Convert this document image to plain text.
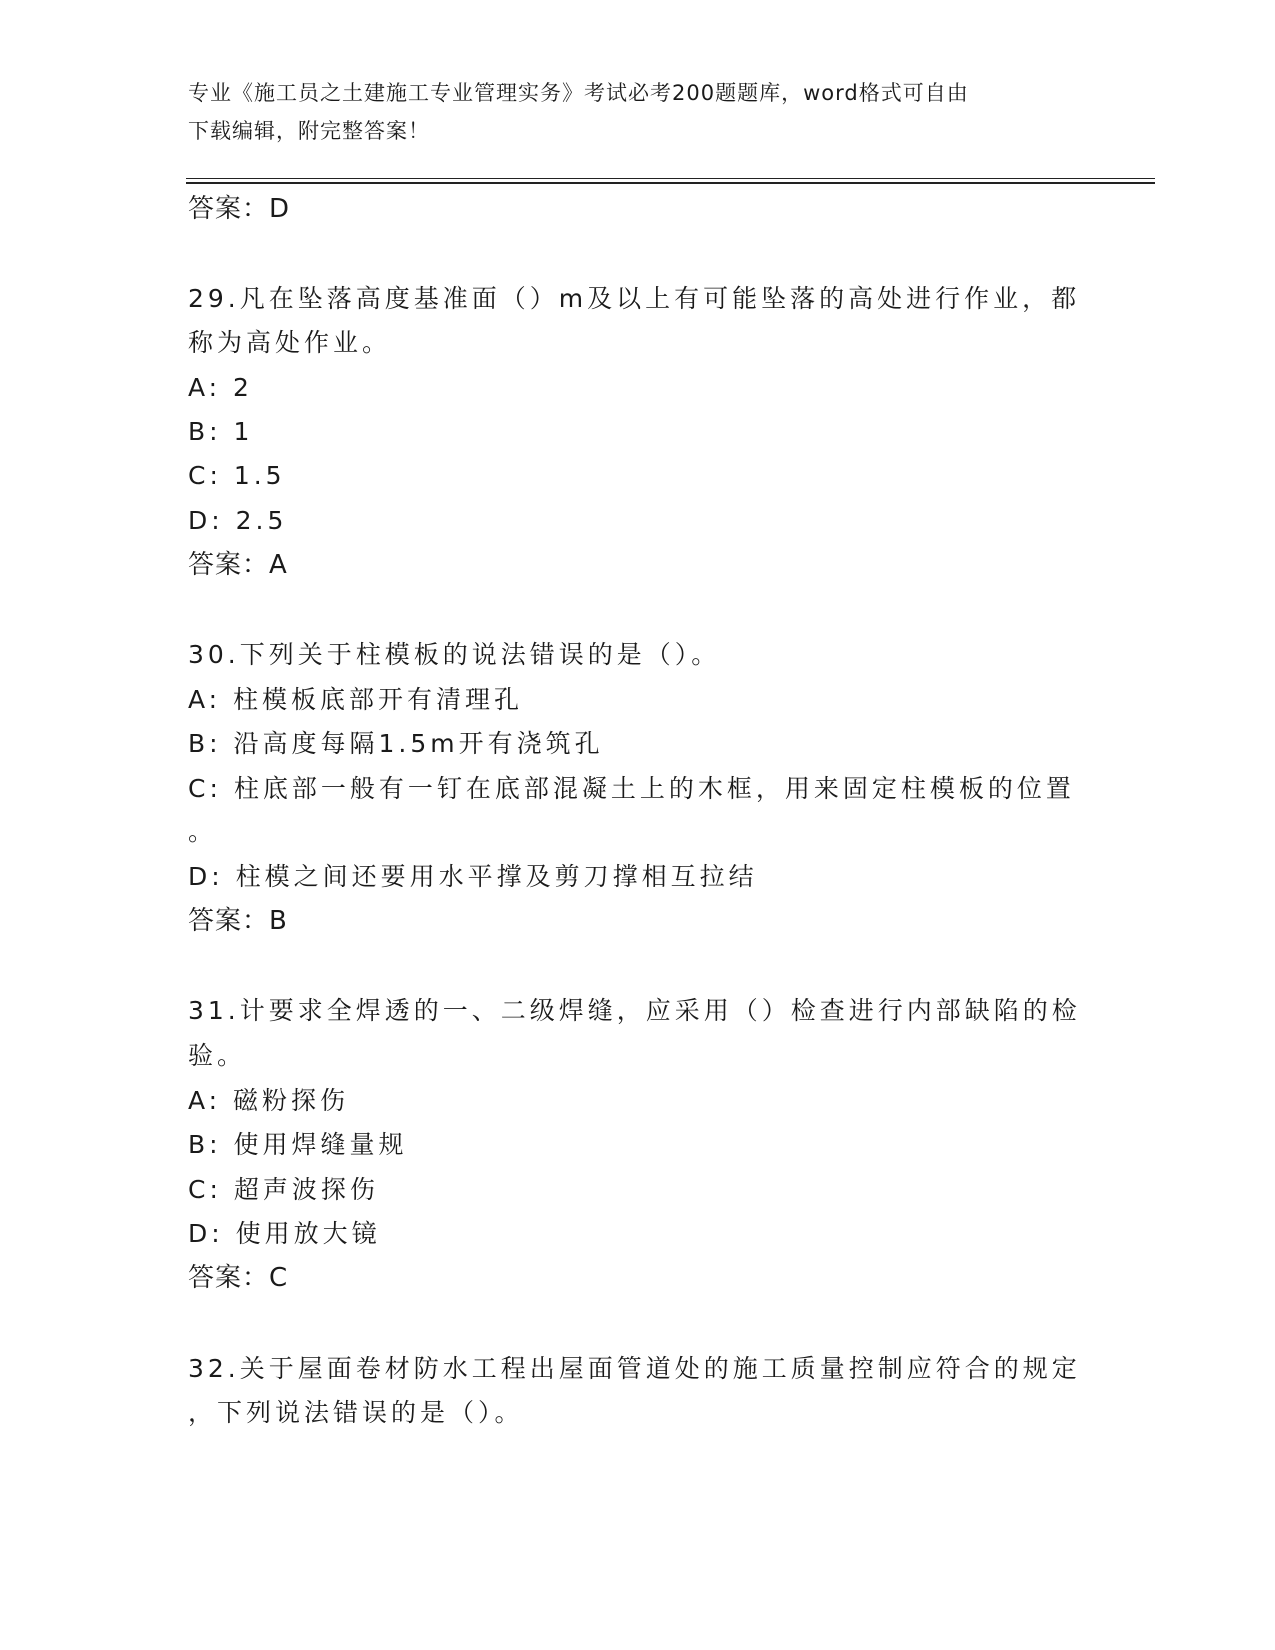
专业《施工员之土建施工专业管理实务》考试必考200题题库，word格式可自由
下载编辑，附完整答案！
答案：D
29.凡在坠落高度基准面（）m及以上有可能坠落的高处进行作业，都
称为高处作业。
A: 2
B: 1
C: 1.5
D: 2.5
答案：A
30.下列关于柱模板的说法错误的是（）。
A: 柱模板底部开有清理孔
B: 沿高度每隔1.5m开有浇筑孔
C: 柱底部一般有一钉在底部混凝土上的木框，用来固定柱模板的位置
。
D: 柱模之间还要用水平撑及剪刀撑相互拉结
答案：B
31.计要求全焊透的一、二级焊缝，应采用（）检查进行内部缺陷的检
验。
A: 磁粉探伤
B: 使用焊缝量规
C: 超声波探伤
D: 使用放大镜
答案：C
32.关于屋面卷材防水工程出屋面管道处的施工质量控制应符合的规定
，下列说法错误的是（）。
